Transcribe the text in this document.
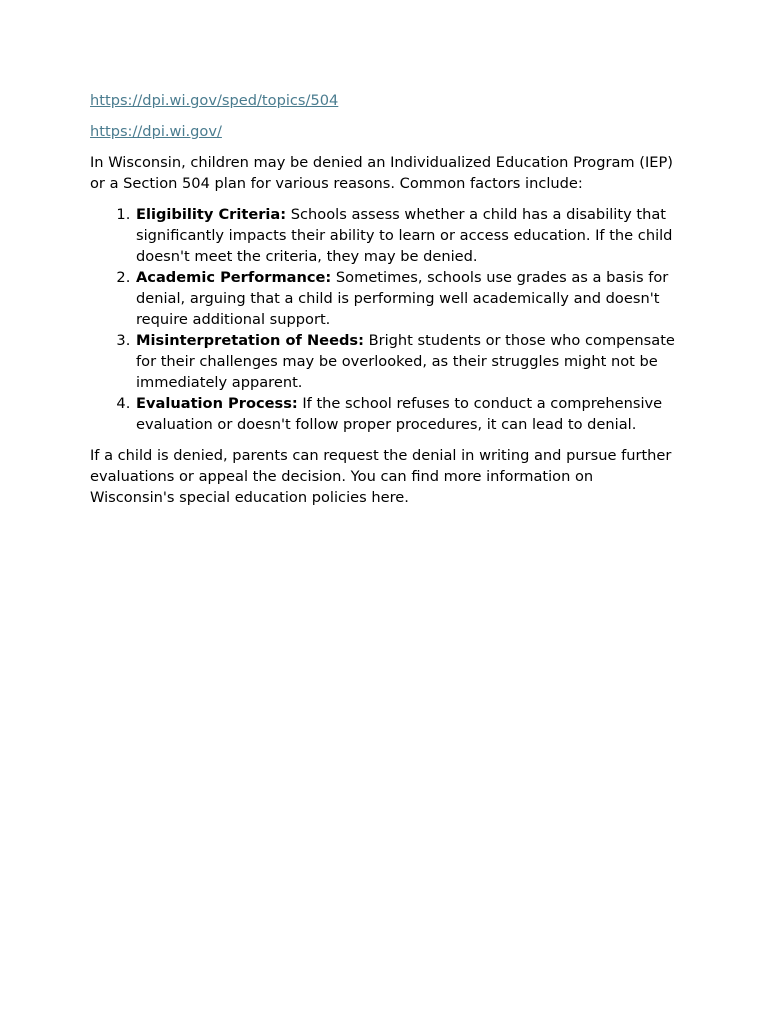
https://dpi.wi.gov/sped/topics/504

https://dpi.wi.gov/

In Wisconsin, children may be denied an Individualized Education Program (IEP) or a Section 504 plan for various reasons. Common factors include:

1. Eligibility Criteria: Schools assess whether a child has a disability that significantly impacts their ability to learn or access education. If the child doesn't meet the criteria, they may be denied.
2. Academic Performance: Sometimes, schools use grades as a basis for denial, arguing that a child is performing well academically and doesn't require additional support.
3. Misinterpretation of Needs: Bright students or those who compensate for their challenges may be overlooked, as their struggles might not be immediately apparent.
4. Evaluation Process: If the school refuses to conduct a comprehensive evaluation or doesn't follow proper procedures, it can lead to denial.

If a child is denied, parents can request the denial in writing and pursue further evaluations or appeal the decision. You can find more information on Wisconsin's special education policies here.
